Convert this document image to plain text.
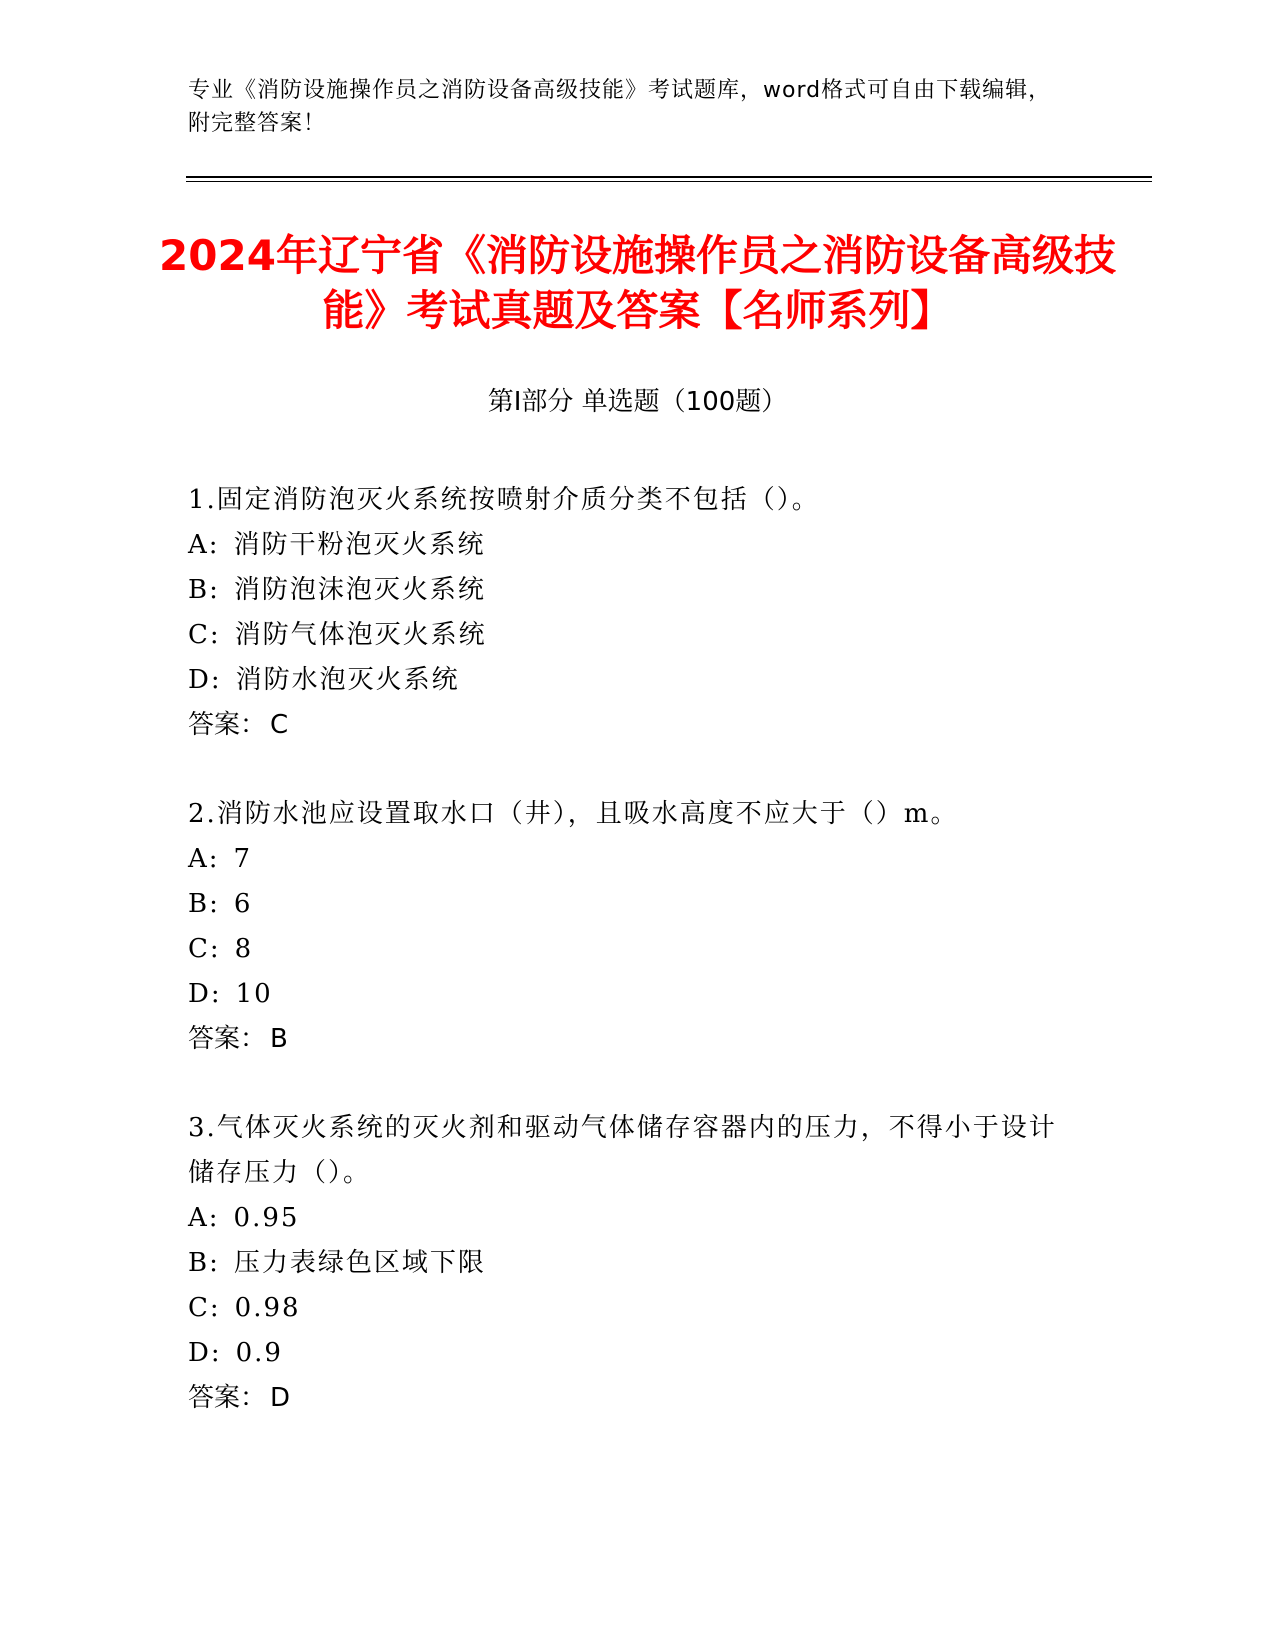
专业《消防设施操作员之消防设备高级技能》考试题库，word格式可自由下载编辑，附完整答案！
2024年辽宁省《消防设施操作员之消防设备高级技能》考试真题及答案【名师系列】
第Ⅰ部分 单选题（100题）
1.固定消防泡灭火系统按喷射介质分类不包括（）。
A: 消防干粉泡灭火系统
B: 消防泡沫泡灭火系统
C: 消防气体泡灭火系统
D: 消防水泡灭火系统
答案： C
2.消防水池应设置取水口（井），且吸水高度不应大于（）m。
A: 7
B: 6
C: 8
D: 10
答案： B
3.气体灭火系统的灭火剂和驱动气体储存容器内的压力，不得小于设计储存压力（）。
A: 0.95
B: 压力表绿色区域下限
C: 0.98
D: 0.9
答案： D
